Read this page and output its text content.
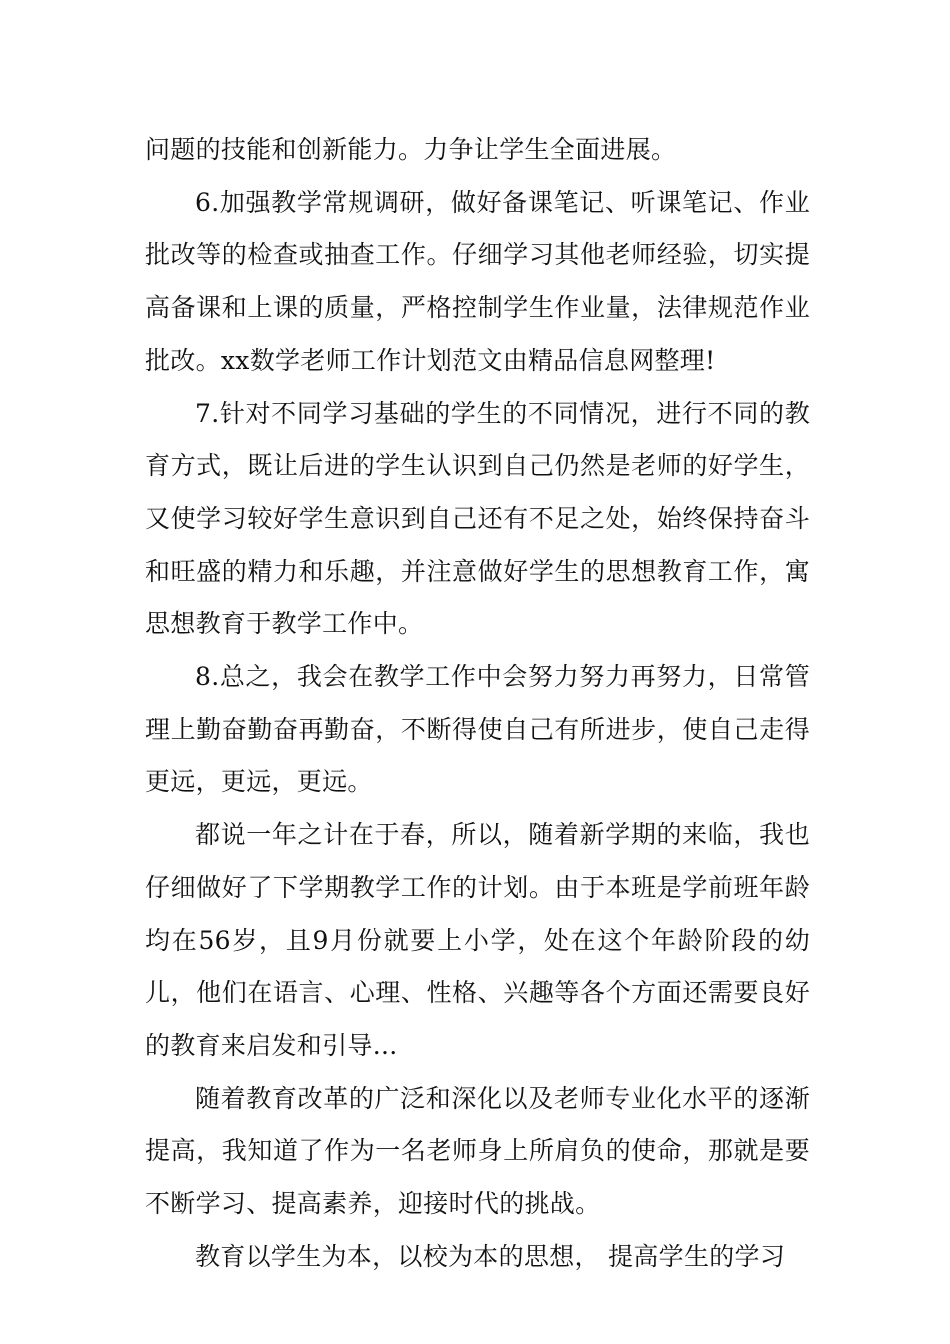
问题的技能和创新能力。力争让学生全面进展。

6.加强教学常规调研，做好备课笔记、听课笔记、作业批改等的检查或抽查工作。仔细学习其他老师经验，切实提高备课和上课的质量，严格控制学生作业量，法律规范作业批改。xx数学老师工作计划范文由精品信息网整理!

7.针对不同学习基础的学生的不同情况，进行不同的教育方式，既让后进的学生认识到自己仍然是老师的好学生，又使学习较好学生意识到自己还有不足之处，始终保持奋斗和旺盛的精力和乐趣，并注意做好学生的思想教育工作，寓思想教育于教学工作中。

8.总之，我会在教学工作中会努力努力再努力，日常管理上勤奋勤奋再勤奋，不断得使自己有所进步，使自己走得更远，更远，更远。

都说一年之计在于春，所以，随着新学期的来临，我也仔细做好了下学期教学工作的计划。由于本班是学前班年龄均在56岁，且9月份就要上小学，处在这个年龄阶段的幼儿，他们在语言、心理、性格、兴趣等各个方面还需要良好的教育来启发和引导...

随着教育改革的广泛和深化以及老师专业化水平的逐渐提高，我知道了作为一名老师身上所肩负的使命，那就是要不断学习、提高素养，迎接时代的挑战。

教育以学生为本，以校为本的思想， 提高学生的学习
